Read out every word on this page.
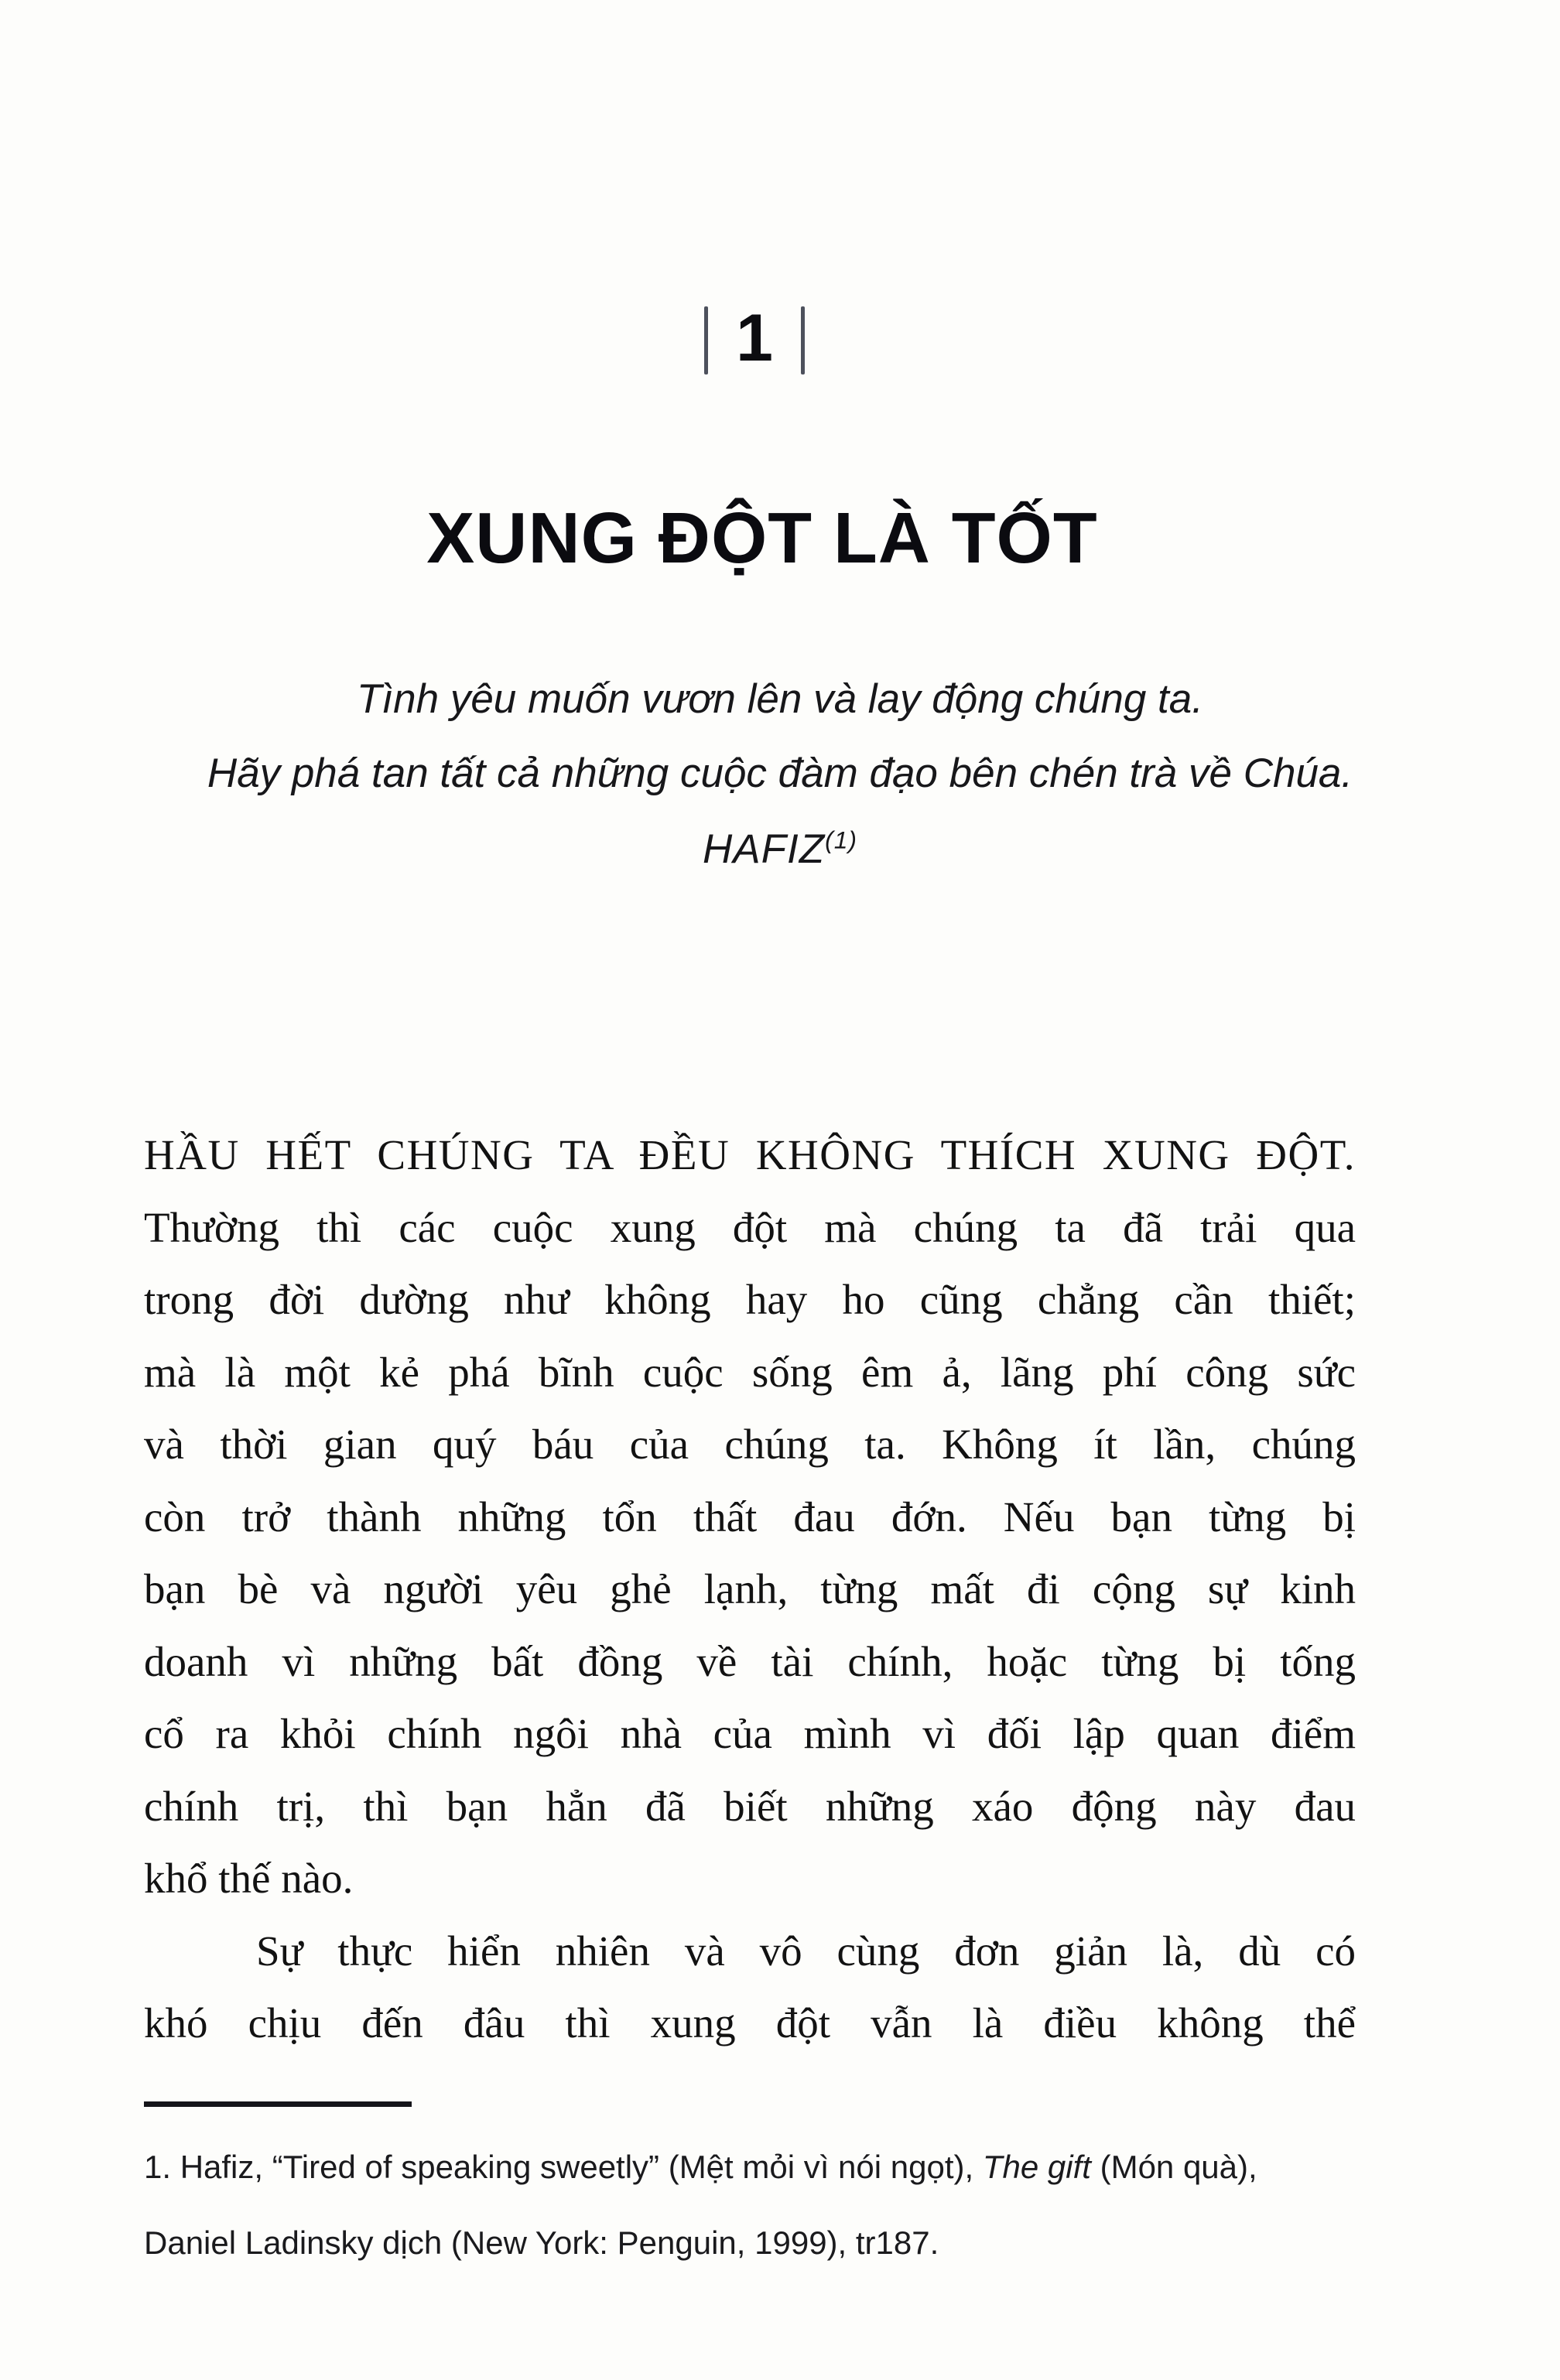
1
XUNG ĐỘT LÀ TỐT
Tình yêu muốn vươn lên và lay động chúng ta.
Hãy phá tan tất cả những cuộc đàm đạo bên chén trà về Chúa.
HAFIZ$^{(1)}$
HẦU HẾT CHÚNG TA ĐỀU KHÔNG THÍCH XUNG ĐỘT.
Thường thì các cuộc xung đột mà chúng ta đã trải qua
trong đời dường như không hay ho cũng chẳng cần thiết;
mà là một kẻ phá bĩnh cuộc sống êm ả, lãng phí công sức
và thời gian quý báu của chúng ta. Không ít lần, chúng
còn trở thành những tổn thất đau đớn. Nếu bạn từng bị
bạn bè và người yêu ghẻ lạnh, từng mất đi cộng sự kinh
doanh vì những bất đồng về tài chính, hoặc từng bị tống
cổ ra khỏi chính ngôi nhà của mình vì đối lập quan điểm
chính trị, thì bạn hẳn đã biết những xáo động này đau
khổ thế nào.
Sự thực hiển nhiên và vô cùng đơn giản là, dù có
khó chịu đến đâu thì xung đột vẫn là điều không thể
1. Hafiz, “Tired of speaking sweetly” (Mệt mỏi vì nói ngọt), The gift (Món quà),
Daniel Ladinsky dịch (New York: Penguin, 1999), tr187.
